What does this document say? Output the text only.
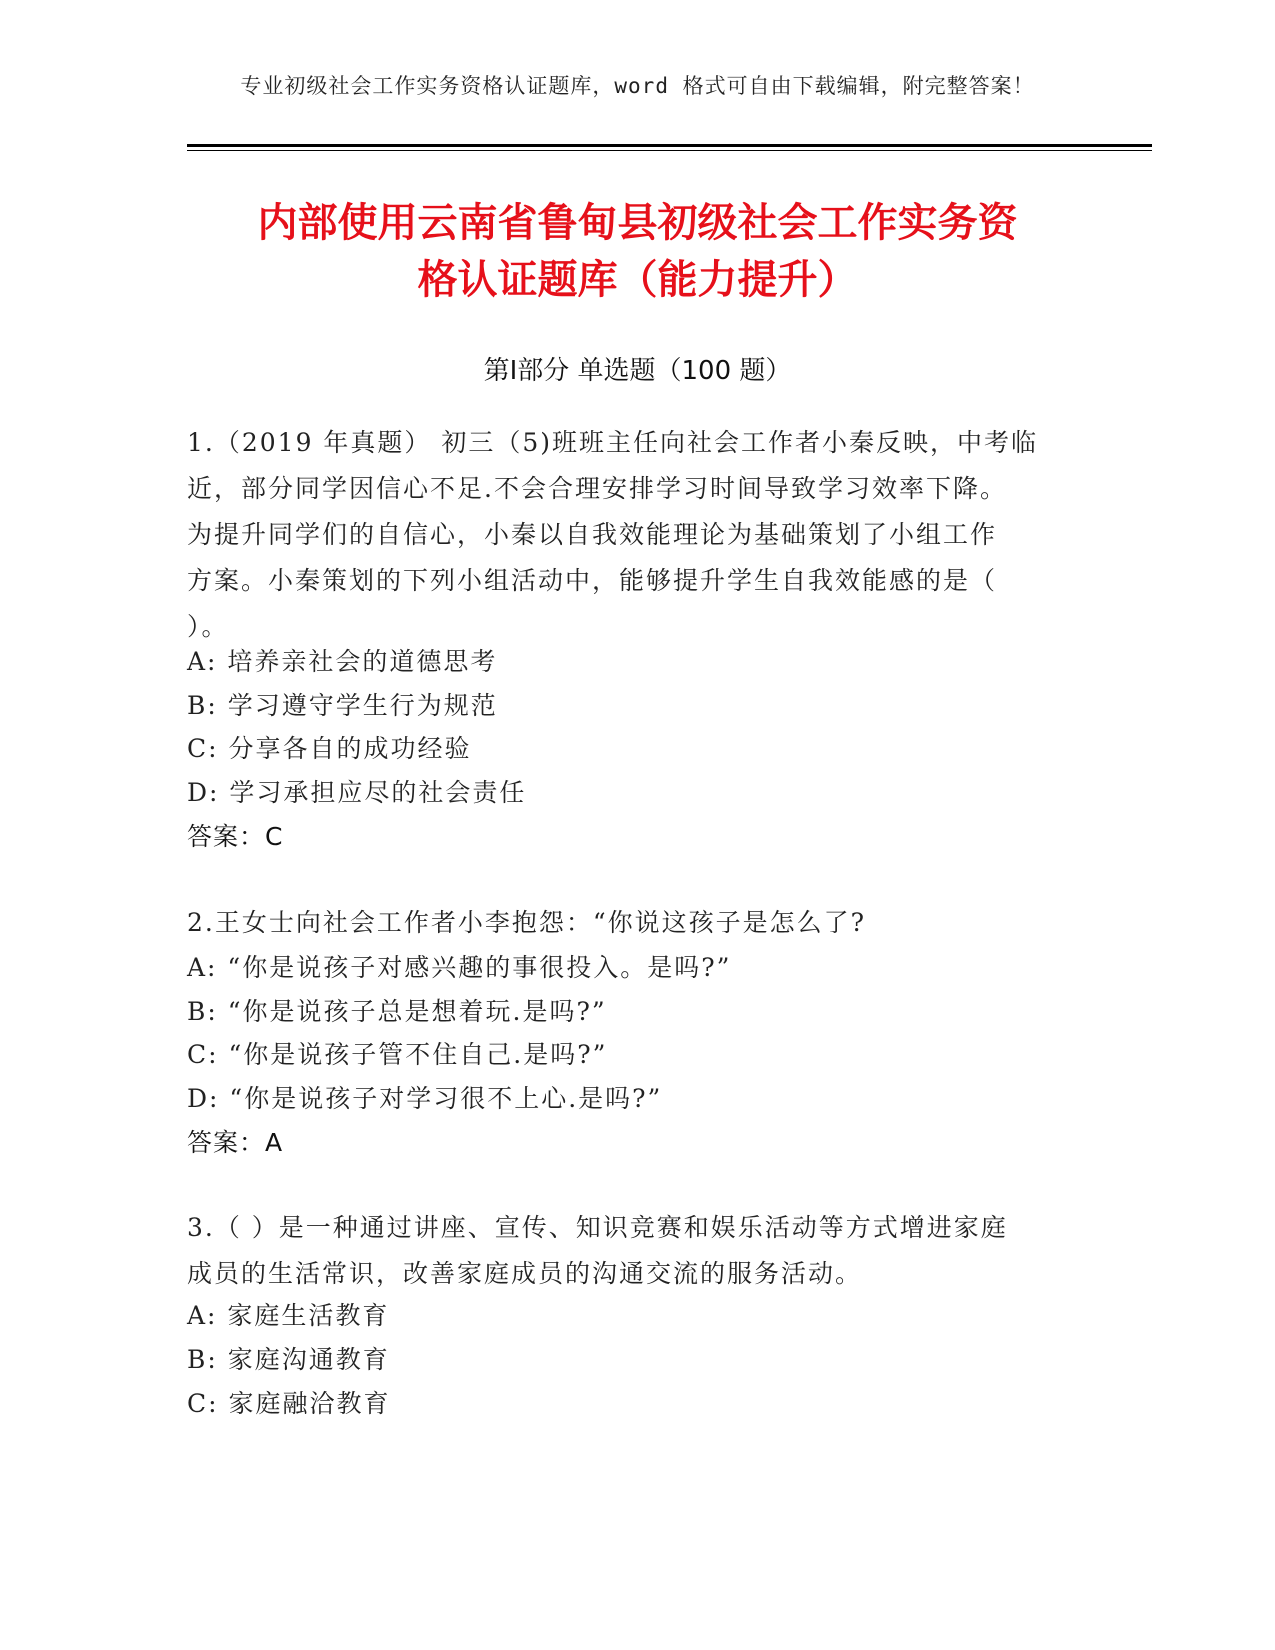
专业初级社会工作实务资格认证题库，word 格式可自由下载编辑，附完整答案！
内部使用云南省鲁甸县初级社会工作实务资
格认证题库（能力提升）
第Ⅰ部分 单选题（100 题）
1.（2019 年真题） 初三（5)班班主任向社会工作者小秦反映，中考临
近，部分同学因信心不足.不会合理安排学习时间导致学习效率下降。
为提升同学们的自信心，小秦以自我效能理论为基础策划了小组工作
方案。小秦策划的下列小组活动中，能够提升学生自我效能感的是（
）。
A: 培养亲社会的道德思考
B: 学习遵守学生行为规范
C: 分享各自的成功经验
D: 学习承担应尽的社会责任
答案：C
2.王女士向社会工作者小李抱怨：“你说这孩子是怎么了?
A: “你是说孩子对感兴趣的事很投入。是吗?”
B: “你是说孩子总是想着玩.是吗?”
C: “你是说孩子管不住自己.是吗?”
D: “你是说孩子对学习很不上心.是吗?”
答案：A
3.（ ）是一种通过讲座、宣传、知识竞赛和娱乐活动等方式增进家庭
成员的生活常识，改善家庭成员的沟通交流的服务活动。
A: 家庭生活教育
B: 家庭沟通教育
C: 家庭融洽教育
